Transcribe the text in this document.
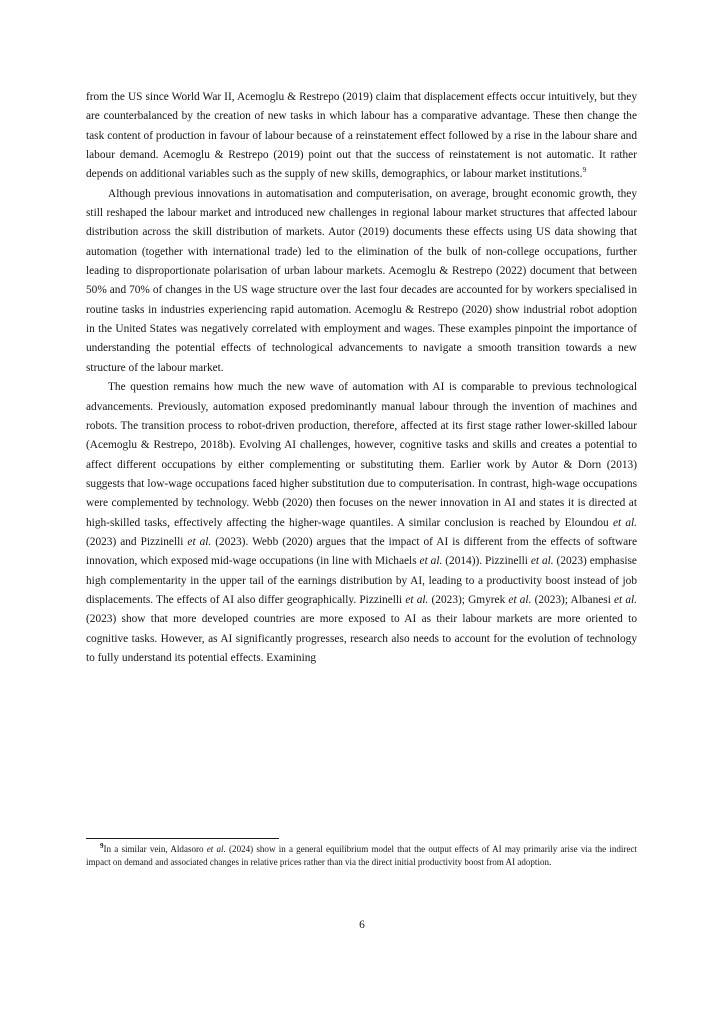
from the US since World War II, Acemoglu & Restrepo (2019) claim that displacement effects occur intuitively, but they are counterbalanced by the creation of new tasks in which labour has a comparative advantage. These then change the task content of production in favour of labour because of a reinstatement effect followed by a rise in the labour share and labour demand. Acemoglu & Restrepo (2019) point out that the success of reinstatement is not automatic. It rather depends on additional variables such as the supply of new skills, demographics, or labour market institutions.$^9$

Although previous innovations in automatisation and computerisation, on average, brought economic growth, they still reshaped the labour market and introduced new challenges in regional labour market structures that affected labour distribution across the skill distribution of markets. Autor (2019) documents these effects using US data showing that automation (together with international trade) led to the elimination of the bulk of non-college occupations, further leading to disproportionate polarisation of urban labour markets. Acemoglu & Restrepo (2022) document that between 50% and 70% of changes in the US wage structure over the last four decades are accounted for by workers specialised in routine tasks in industries experiencing rapid automation. Acemoglu & Restrepo (2020) show industrial robot adoption in the United States was negatively correlated with employment and wages. These examples pinpoint the importance of understanding the potential effects of technological advancements to navigate a smooth transition towards a new structure of the labour market.

The question remains how much the new wave of automation with AI is comparable to previous technological advancements. Previously, automation exposed predominantly manual labour through the invention of machines and robots. The transition process to robot-driven production, therefore, affected at its first stage rather lower-skilled labour (Acemoglu & Restrepo, 2018b). Evolving AI challenges, however, cognitive tasks and skills and creates a potential to affect different occupations by either complementing or substituting them. Earlier work by Autor & Dorn (2013) suggests that low-wage occupations faced higher substitution due to computerisation. In contrast, high-wage occupations were complemented by technology. Webb (2020) then focuses on the newer innovation in AI and states it is directed at high-skilled tasks, effectively affecting the higher-wage quantiles. A similar conclusion is reached by Eloundou et al. (2023) and Pizzinelli et al. (2023). Webb (2020) argues that the impact of AI is different from the effects of software innovation, which exposed mid-wage occupations (in line with Michaels et al. (2014)). Pizzinelli et al. (2023) emphasise high complementarity in the upper tail of the earnings distribution by AI, leading to a productivity boost instead of job displacements. The effects of AI also differ geographically. Pizzinelli et al. (2023); Gmyrek et al. (2023); Albanesi et al. (2023) show that more developed countries are more exposed to AI as their labour markets are more oriented to cognitive tasks. However, as AI significantly progresses, research also needs to account for the evolution of technology to fully understand its potential effects. Examining

$^9$In a similar vein, Aldasoro et al. (2024) show in a general equilibrium model that the output effects of AI may primarily arise via the indirect impact on demand and associated changes in relative prices rather than via the direct initial productivity boost from AI adoption.

6
